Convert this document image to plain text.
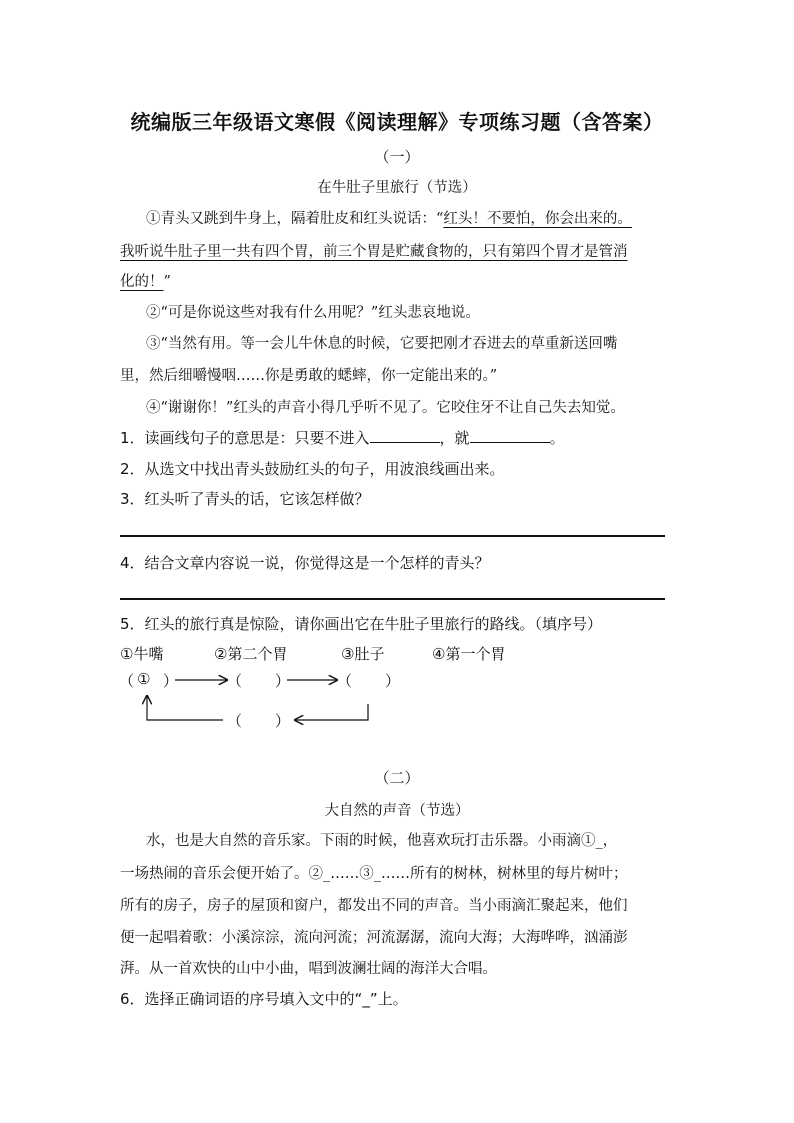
统编版三年级语文寒假《阅读理解》专项练习题（含答案）
（一）
在牛肚子里旅行（节选）
①青头又跳到牛身上，隔着肚皮和红头说话：“红头！不要怕，你会出来的。
我听说牛肚子里一共有四个胃，前三个胃是贮藏食物的，只有第四个胃才是管消
化的！”
②“可是你说这些对我有什么用呢？”红头悲哀地说。
③“当然有用。等一会儿牛休息的时候，它要把刚才吞进去的草重新送回嘴
里，然后细嚼慢咽……你是勇敢的蟋蟀，你一定能出来的。”
④“谢谢你！”红头的声音小得几乎听不见了。它咬住牙不让自己失去知觉。
1．读画线句子的意思是：只要不进入	，就	。
2．从选文中找出青头鼓励红头的句子，用波浪线画出来。
3．红头听了青头的话，它该怎样做？
4．结合文章内容说一说，你觉得这是一个怎样的青头？
5．红头的旅行真是惊险，请你画出它在牛肚子里旅行的路线。（填序号）
①牛嘴	②第二个胃	③肚子	④第一个胃
（ ① ）	（ ）	（ ）
（ ）
（二）
大自然的声音（节选）
水，也是大自然的音乐家。下雨的时候，他喜欢玩打击乐器。小雨滴①_，
一场热闹的音乐会便开始了。②_……③_……所有的树林，树林里的每片树叶；
所有的房子，房子的屋顶和窗户，都发出不同的声音。当小雨滴汇聚起来，他们
便一起唱着歌：小溪淙淙，流向河流；河流潺潺，流向大海；大海哗哗，汹涌澎
湃。从一首欢快的山中小曲，唱到波澜壮阔的海洋大合唱。
6．选择正确词语的序号填入文中的“_”上。
